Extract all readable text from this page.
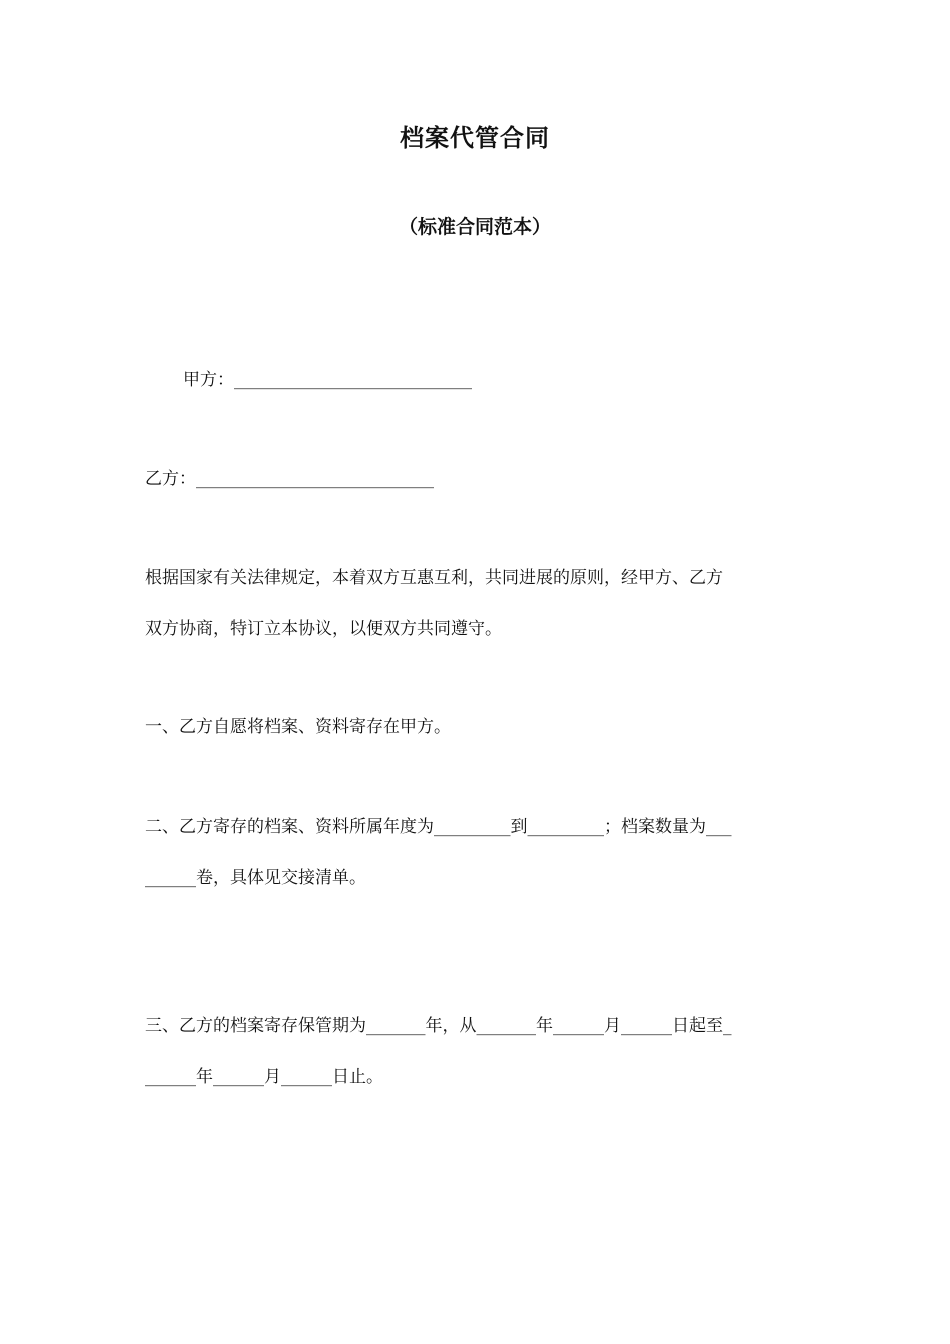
档案代管合同
（标准合同范本）
甲方：____________________________
乙方：____________________________
根据国家有关法律规定，本着双方互惠互利，共同进展的原则，经甲方、乙方
双方协商，特订立本协议，以便双方共同遵守。
一、乙方自愿将档案、资料寄存在甲方。
二、乙方寄存的档案、资料所属年度为_________到_________；档案数量为___
______卷，具体见交接清单。
三、乙方的档案寄存保管期为_______年，从_______年______月______日起至_
______年______月______日止。
